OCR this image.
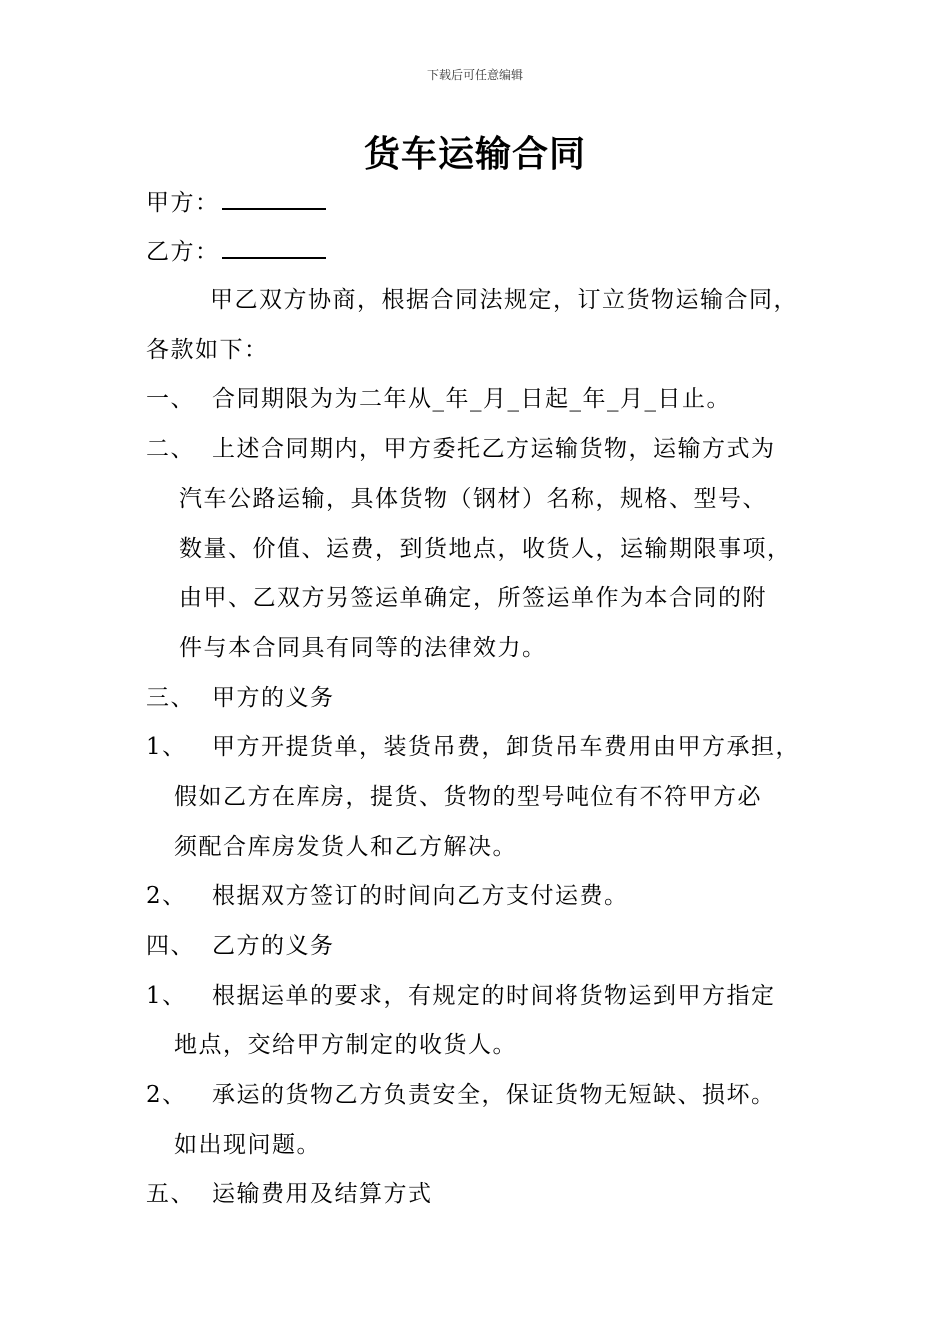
下载后可任意编辑
货车运输合同
甲方：
乙方：
甲乙双方协商，根据合同法规定，订立货物运输合同，
各款如下：
一、 合同期限为为二年从_年_月_日起_年_月_日止。
二、 上述合同期内，甲方委托乙方运输货物，运输方式为
汽车公路运输，具体货物（钢材）名称，规格、型号、
数量、价值、运费，到货地点，收货人，运输期限事项，
由甲、乙双方另签运单确定，所签运单作为本合同的附
件与本合同具有同等的法律效力。
三、 甲方的义务
1、 甲方开提货单，装货吊费，卸货吊车费用由甲方承担，
假如乙方在库房，提货、货物的型号吨位有不符甲方必
须配合库房发货人和乙方解决。
2、 根据双方签订的时间向乙方支付运费。
四、 乙方的义务
1、 根据运单的要求，有规定的时间将货物运到甲方指定
地点，交给甲方制定的收货人。
2、 承运的货物乙方负责安全，保证货物无短缺、损坏。
如出现问题。
五、 运输费用及结算方式
